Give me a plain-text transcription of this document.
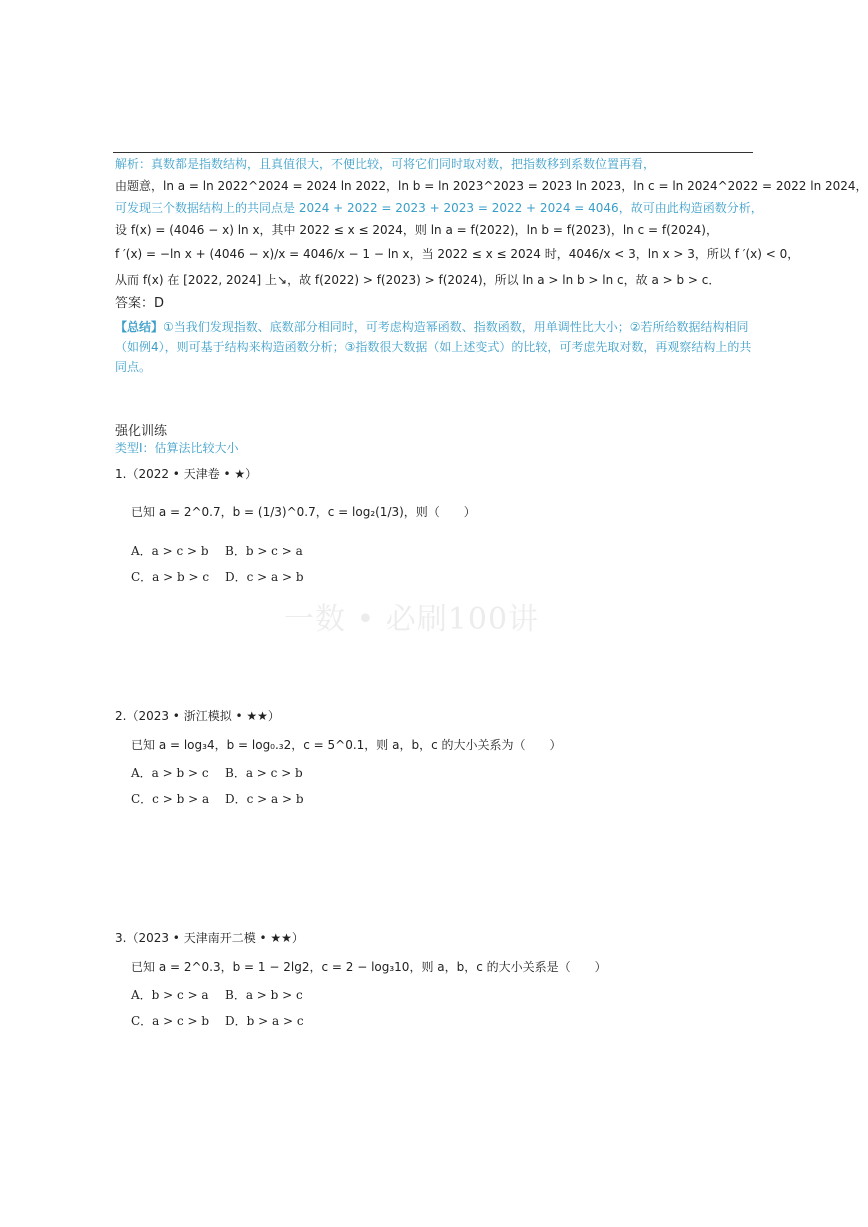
解析：真数都是指数结构，且真值很大，不便比较，可将它们同时取对数，把指数移到系数位置再看，
由题意，ln a = ln 2022^2024 = 2024 ln 2022，ln b = ln 2023^2023 = 2023 ln 2023，ln c = ln 2024^2022 = 2022 ln 2024，
可发现三个数据结构上的共同点是 2024 + 2022 = 2023 + 2023 = 2022 + 2024 = 4046，故可由此构造函数分析，
设 f(x) = (4046 − x) ln x，其中 2022 ≤ x ≤ 2024，则 ln a = f(2022)，ln b = f(2023)，ln c = f(2024)，
f ′(x) = −ln x + (4046 − x)/x = 4046/x − 1 − ln x，当 2022 ≤ x ≤ 2024 时，4046/x < 3，ln x > 3，所以 f ′(x) < 0，
从而 f(x) 在 [2022, 2024] 上↘，故 f(2022) > f(2023) > f(2024)，所以 ln a > ln b > ln c，故 a > b > c．
答案：D
【总结】①当我们发现指数、底数部分相同时，可考虑构造幂函数、指数函数，用单调性比大小；②若所给数据结构相同（如例4），则可基于结构来构造函数分析；③指数很大数据（如上述变式）的比较，可考虑先取对数，再观察结构上的共同点。
强化训练
类型Ⅰ：估算法比较大小
1.（2022 • 天津卷 • ★）
已知 a = 2^0.7，b = (1/3)^0.7，c = log₂(1/3)，则（　　）
A．a > c > b B．b > c > a
C．a > b > c D．c > a > b
一数 • 必刷100讲
2.（2023 • 浙江模拟 • ★★）
已知 a = log₃4，b = log₀.₃2，c = 5^0.1，则 a，b，c 的大小关系为（　　）
A．a > b > c B．a > c > b
C．c > b > a D．c > a > b
3.（2023 • 天津南开二模 • ★★）
已知 a = 2^0.3，b = 1 − 2lg2，c = 2 − log₃10，则 a，b，c 的大小关系是（　　）
A．b > c > a B．a > b > c
C．a > c > b D．b > a > c
